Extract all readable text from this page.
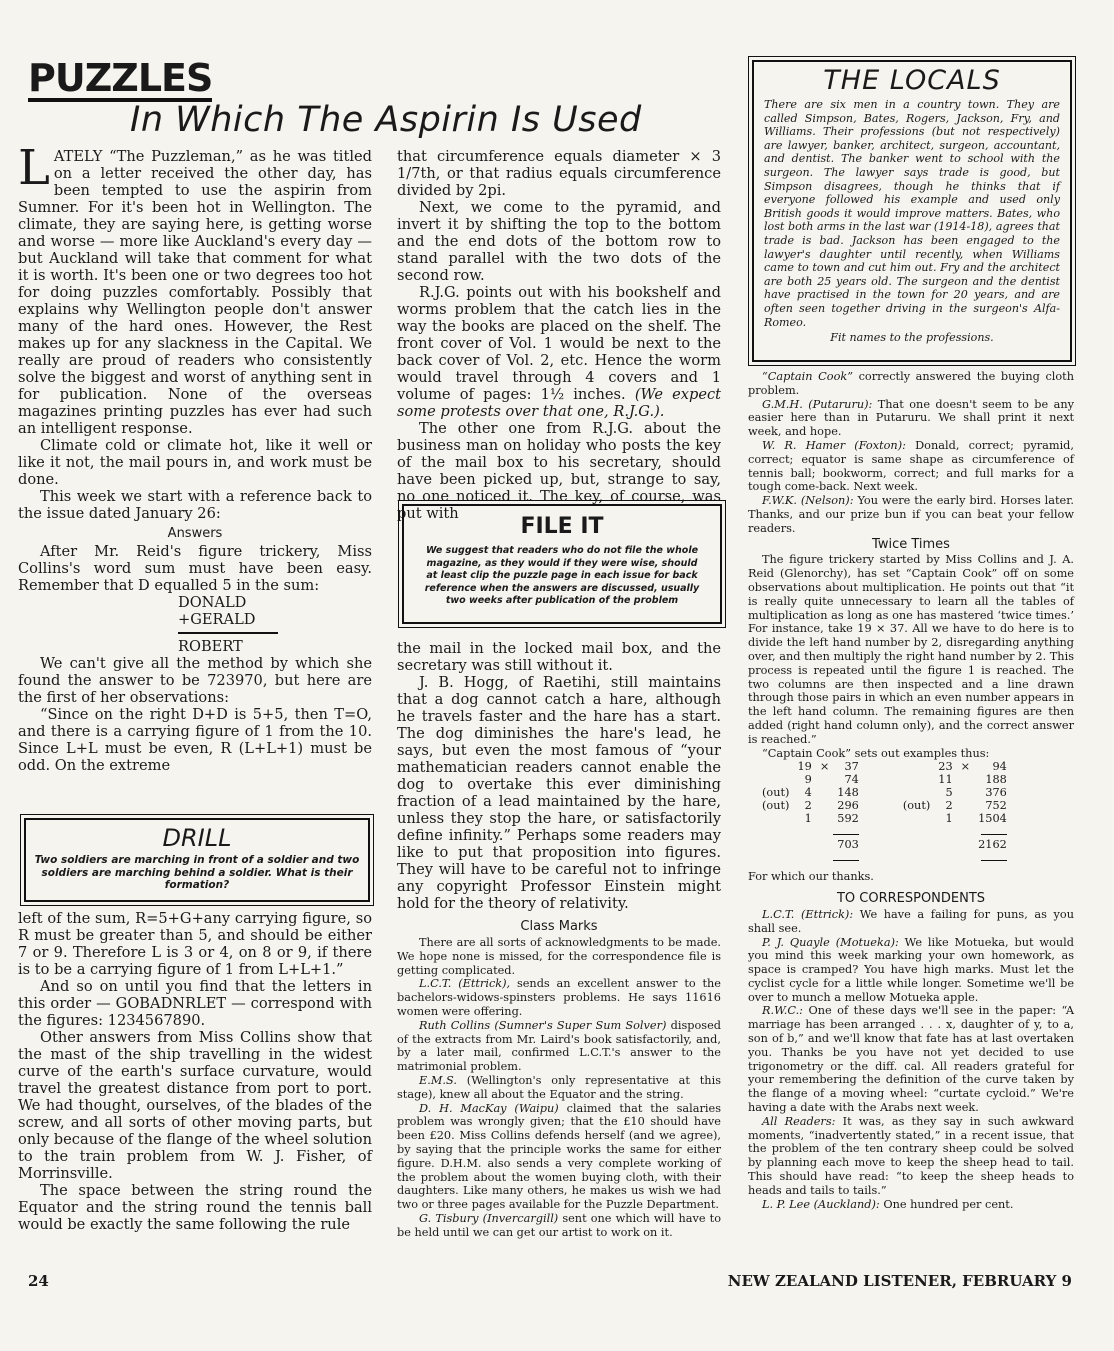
PUZZLES
In Which The Aspirin Is Used

LATELY “The Puzzleman,” as he was titled on a letter received the other day, has been tempted to use the aspirin from Sumner. For it's been hot in Wellington. The climate, they are saying here, is getting worse and worse — more like Auckland's every day — but Auckland will take that comment for what it is worth. It's been one or two degrees too hot for doing puzzles comfortably. Possibly that explains why Wellington people don't answer many of the hard ones. However, the Rest makes up for any slackness in the Capital. We really are proud of readers who consistently solve the biggest and worst of anything sent in for publication. None of the overseas magazines printing puzzles has ever had such an intelligent response.

Climate cold or climate hot, like it well or like it not, the mail pours in, and work must be done.

This week we start with a reference back to the issue dated January 26:

Answers

After Mr. Reid's figure trickery, Miss Collins's word sum must have been easy. Remember that D equalled 5 in the sum:

DONALD
+GERALD
ROBERT

We can't give all the method by which she found the answer to be 723970, but here are the first of her observations:

“Since on the right D+D is 5+5, then T=O, and there is a carrying figure of 1 from the 10. Since L+L must be even, R (L+L+1) must be odd. On the extreme

DRILL
Two soldiers are marching in front of a soldier and two soldiers are marching behind a soldier. What is their formation?

left of the sum, R=5+G+any carrying figure, so R must be greater than 5, and should be either 7 or 9. Therefore L is 3 or 4, on 8 or 9, if there is to be a carrying figure of 1 from L+L+1.”

And so on until you find that the letters in this order — GOBADNRLET — correspond with the figures: 1234567890.

Other answers from Miss Collins show that the mast of the ship travelling in the widest curve of the earth's surface curvature, would travel the greatest distance from port to port. We had thought, ourselves, of the blades of the screw, and all sorts of other moving parts, but only because of the flange of the wheel solution to the train problem from W. J. Fisher, of Morrinsville.

The space between the string round the Equator and the string round the tennis ball would be exactly the same following the rule

that circumference equals diameter × 3 1/7th, or that radius equals circumference divided by 2pi.

Next, we come to the pyramid, and invert it by shifting the top to the bottom and the end dots of the bottom row to stand parallel with the two dots of the second row.

R.J.G. points out with his bookshelf and worms problem that the catch lies in the way the books are placed on the shelf. The front cover of Vol. 1 would be next to the back cover of Vol. 2, etc. Hence the worm would travel through 4 covers and 1 volume of pages: 1½ inches. (We expect some protests over that one, R.J.G.).

The other one from R.J.G. about the business man on holiday who posts the key of the mail box to his secretary, should have been picked up, but, strange to say, no one noticed it. The key, of course, was put with

FILE IT
We suggest that readers who do not file the whole magazine, as they would if they were wise, should at least clip the puzzle page in each issue for back reference when the answers are discussed, usually two weeks after publication of the problem

the mail in the locked mail box, and the secretary was still without it.

J. B. Hogg, of Raetihi, still maintains that a dog cannot catch a hare, although he travels faster and the hare has a start. The dog diminishes the hare's lead, he says, but even the most famous of “your mathematician readers cannot enable the dog to overtake this ever diminishing fraction of a lead maintained by the hare, unless they stop the hare, or satisfactorily define infinity.” Perhaps some readers may like to put that proposition into figures. They will have to be careful not to infringe any copyright Professor Einstein might hold for the theory of relativity.

Class Marks

There are all sorts of acknowledgments to be made. We hope none is missed, for the correspondence file is getting complicated.

L.C.T. (Ettrick), sends an excellent answer to the bachelors-widows-spinsters problems. He says 11616 women were offering.

Ruth Collins (Sumner's Super Sum Solver) disposed of the extracts from Mr. Laird's book satisfactorily, and, by a later mail, confirmed L.C.T.'s answer to the matrimonial problem.

E.M.S. (Wellington's only representative at this stage), knew all about the Equator and the string.

D. H. MacKay (Waipu) claimed that the salaries problem was wrongly given; that the £10 should have been £20. Miss Collins defends herself (and we agree), by saying that the principle works the same for either figure. D.H.M. also sends a very complete working of the problem about the women buying cloth, with their daughters. Like many others, he makes us wish we had two or three pages available for the Puzzle Department.

G. Tisbury (Invercargill) sent one which will have to be held until we can get our artist to work on it.

THE LOCALS
There are six men in a country town. They are called Simpson, Bates, Rogers, Jackson, Fry, and Williams. Their professions (but not respectively) are lawyer, banker, architect, surgeon, accountant, and dentist. The banker went to school with the surgeon. The lawyer says trade is good, but Simpson disagrees, though he thinks that if everyone followed his example and used only British goods it would improve matters. Bates, who lost both arms in the last war (1914-18), agrees that trade is bad. Jackson has been engaged to the lawyer's daughter until recently, when Williams came to town and cut him out. Fry and the architect are both 25 years old. The surgeon and the dentist have practised in the town for 20 years, and are often seen together driving in the surgeon's Alfa-Romeo.
Fit names to the professions.

“Captain Cook” correctly answered the buying cloth problem.

G.M.H. (Putaruru): That one doesn't seem to be any easier here than in Putaruru. We shall print it next week, and hope.

W. R. Hamer (Foxton): Donald, correct; pyramid, correct; equator is same shape as circumference of tennis ball; bookworm, correct; and full marks for a tough come-back. Next week.

F.W.K. (Nelson): You were the early bird. Horses later. Thanks, and our prize bun if you can beat your fellow readers.

Twice Times

The figure trickery started by Miss Collins and J. A. Reid (Glenorchy), has set “Captain Cook” off on some observations about multiplication. He points out that “it is really quite unnecessary to learn all the tables of multiplication as long as one has mastered ‘twice times.’ For instance, take 19 × 37. All we have to do here is to divide the left hand number by 2, disregarding anything over, and then multiply the right hand number by 2. This process is repeated until the figure 1 is reached. The two columns are then inspected and a line drawn through those pairs in which an even number appears in the left hand column. The remaining figures are then added (right hand column only), and the correct answer is reached.”

“Captain Cook” sets out examples thus:

	19	×	37		23	×	94
	9		74		11		188
(out)	4		148		5		376
(out)	2		296	(out)	2		752
	1		592		1		1504

			703				2162

For which our thanks.

TO CORRESPONDENTS

L.C.T. (Ettrick): We have a failing for puns, as you shall see.

P. J. Quayle (Motueka): We like Motueka, but would you mind this week marking your own homework, as space is cramped? You have high marks. Must let the cyclist cycle for a little while longer. Sometime we'll be over to munch a mellow Motueka apple.

R.W.C.: One of these days we'll see in the paper: “A marriage has been arranged . . . x, daughter of y, to a, son of b,” and we'll know that fate has at last overtaken you. Thanks be you have not yet decided to use trigonometry or the diff. cal. All readers grateful for your remembering the definition of the curve taken by the flange of a moving wheel: “curtate cycloid.” We're having a date with the Arabs next week.

All Readers: It was, as they say in such awkward moments, “inadvertently stated,” in a recent issue, that the problem of the ten contrary sheep could be solved by planning each move to keep the sheep head to tail. This should have read: “to keep the sheep heads to heads and tails to tails.”

L. P. Lee (Auckland): One hundred per cent.

24	NEW ZEALAND LISTENER, FEBRUARY 9
